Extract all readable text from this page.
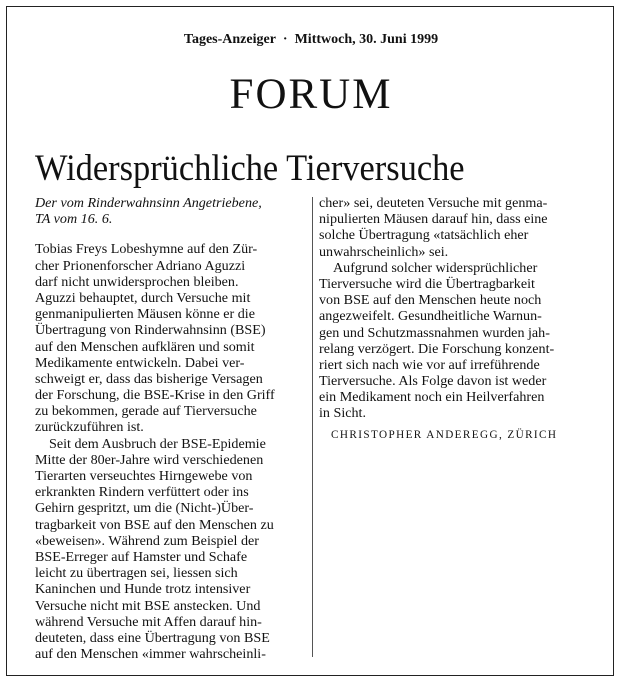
Tages-Anzeiger · Mittwoch, 30. Juni 1999
FORUM
Widersprüchliche Tierversuche
Der vom Rinderwahnsinn Angetriebene,
TA vom 16. 6.
Tobias Freys Lobeshymne auf den Zür-
cher Prionenforscher Adriano Aguzzi
darf nicht unwidersprochen bleiben.
Aguzzi behauptet, durch Versuche mit
genmanipulierten Mäusen könne er die
Übertragung von Rinderwahnsinn (BSE)
auf den Menschen aufklären und somit
Medikamente entwickeln. Dabei ver-
schweigt er, dass das bisherige Versagen
der Forschung, die BSE-Krise in den Griff
zu bekommen, gerade auf Tierversuche
zurückzuführen ist.
Seit dem Ausbruch der BSE-Epidemie
Mitte der 80er-Jahre wird verschiedenen
Tierarten verseuchtes Hirngewebe von
erkrankten Rindern verfüttert oder ins
Gehirn gespritzt, um die (Nicht-)Über-
tragbarkeit von BSE auf den Menschen zu
«beweisen». Während zum Beispiel der
BSE-Erreger auf Hamster und Schafe
leicht zu übertragen sei, liessen sich
Kaninchen und Hunde trotz intensiver
Versuche nicht mit BSE anstecken. Und
während Versuche mit Affen darauf hin-
deuteten, dass eine Übertragung von BSE
auf den Menschen «immer wahrscheinli-
cher» sei, deuteten Versuche mit genma-
nipulierten Mäusen darauf hin, dass eine
solche Übertragung «tatsächlich eher
unwahrscheinlich» sei.
Aufgrund solcher widersprüchlicher
Tierversuche wird die Übertragbarkeit
von BSE auf den Menschen heute noch
angezweifelt. Gesundheitliche Warnun-
gen und Schutzmassnahmen wurden jah-
relang verzögert. Die Forschung konzent-
riert sich nach wie vor auf irreführende
Tierversuche. Als Folge davon ist weder
ein Medikament noch ein Heilverfahren
in Sicht.
CHRISTOPHER ANDEREGG, ZÜRICH
